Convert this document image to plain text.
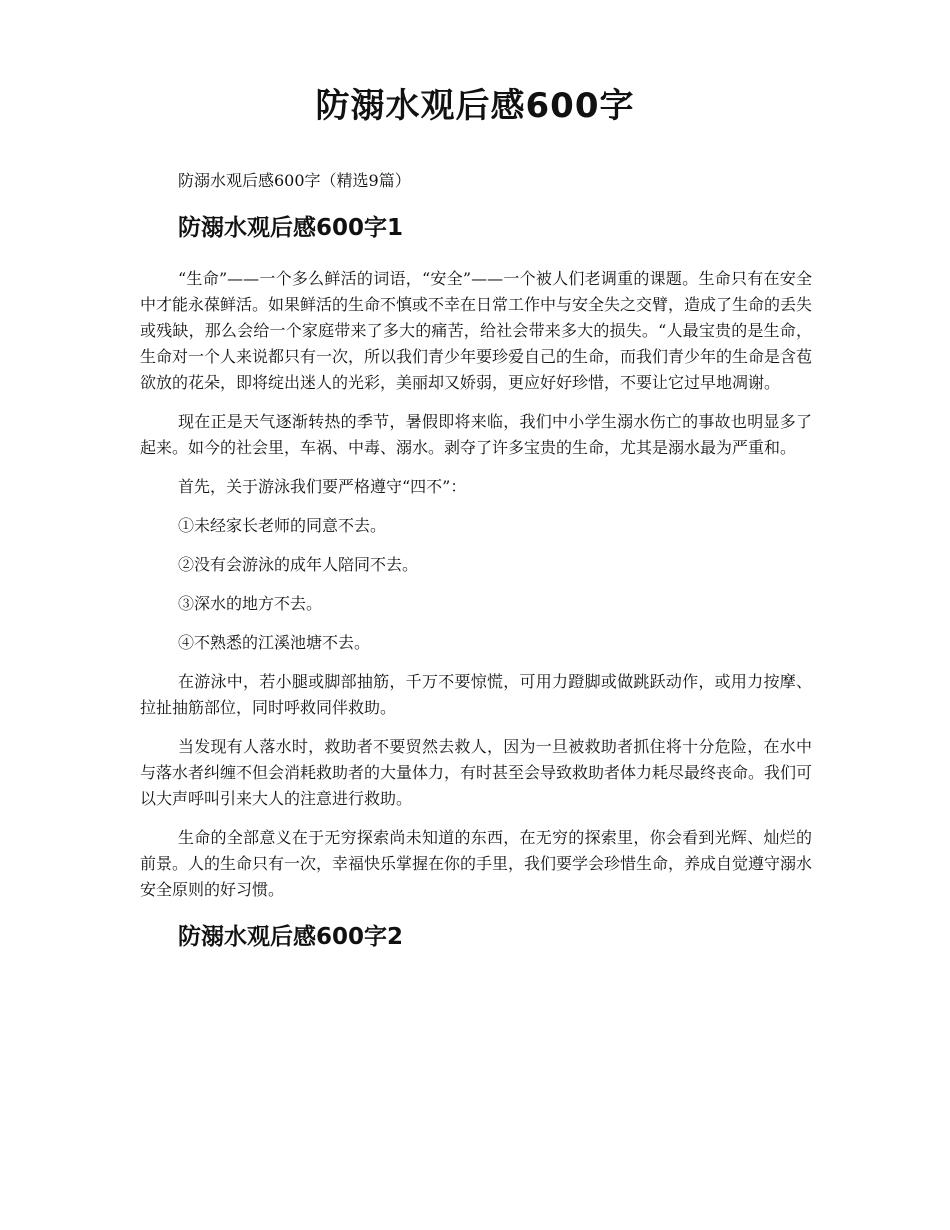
防溺水观后感600字

防溺水观后感600字（精选9篇）

防溺水观后感600字1

“生命”——一个多么鲜活的词语，“安全”——一个被人们老调重的课题。生命只有在安全中才能永葆鲜活。如果鲜活的生命不慎或不幸在日常工作中与安全失之交臂，造成了生命的丢失或残缺，那么会给一个家庭带来了多大的痛苦，给社会带来多大的损失。“人最宝贵的是生命，生命对一个人来说都只有一次，所以我们青少年要珍爱自己的生命，而我们青少年的生命是含苞欲放的花朵，即将绽出迷人的光彩，美丽却又娇弱，更应好好珍惜，不要让它过早地凋谢。

现在正是天气逐渐转热的季节，暑假即将来临，我们中小学生溺水伤亡的事故也明显多了起来。如今的社会里，车祸、中毒、溺水。剥夺了许多宝贵的生命，尤其是溺水最为严重和。

首先，关于游泳我们要严格遵守“四不”：

①未经家长老师的同意不去。

②没有会游泳的成年人陪同不去。

③深水的地方不去。

④不熟悉的江溪池塘不去。

在游泳中，若小腿或脚部抽筋，千万不要惊慌，可用力蹬脚或做跳跃动作，或用力按摩、拉扯抽筋部位，同时呼救同伴救助。

当发现有人落水时，救助者不要贸然去救人，因为一旦被救助者抓住将十分危险，在水中与落水者纠缠不但会消耗救助者的大量体力，有时甚至会导致救助者体力耗尽最终丧命。我们可以大声呼叫引来大人的注意进行救助。

生命的全部意义在于无穷探索尚未知道的东西，在无穷的探索里，你会看到光辉、灿烂的前景。人的生命只有一次，幸福快乐掌握在你的手里，我们要学会珍惜生命，养成自觉遵守溺水安全原则的好习惯。

防溺水观后感600字2
